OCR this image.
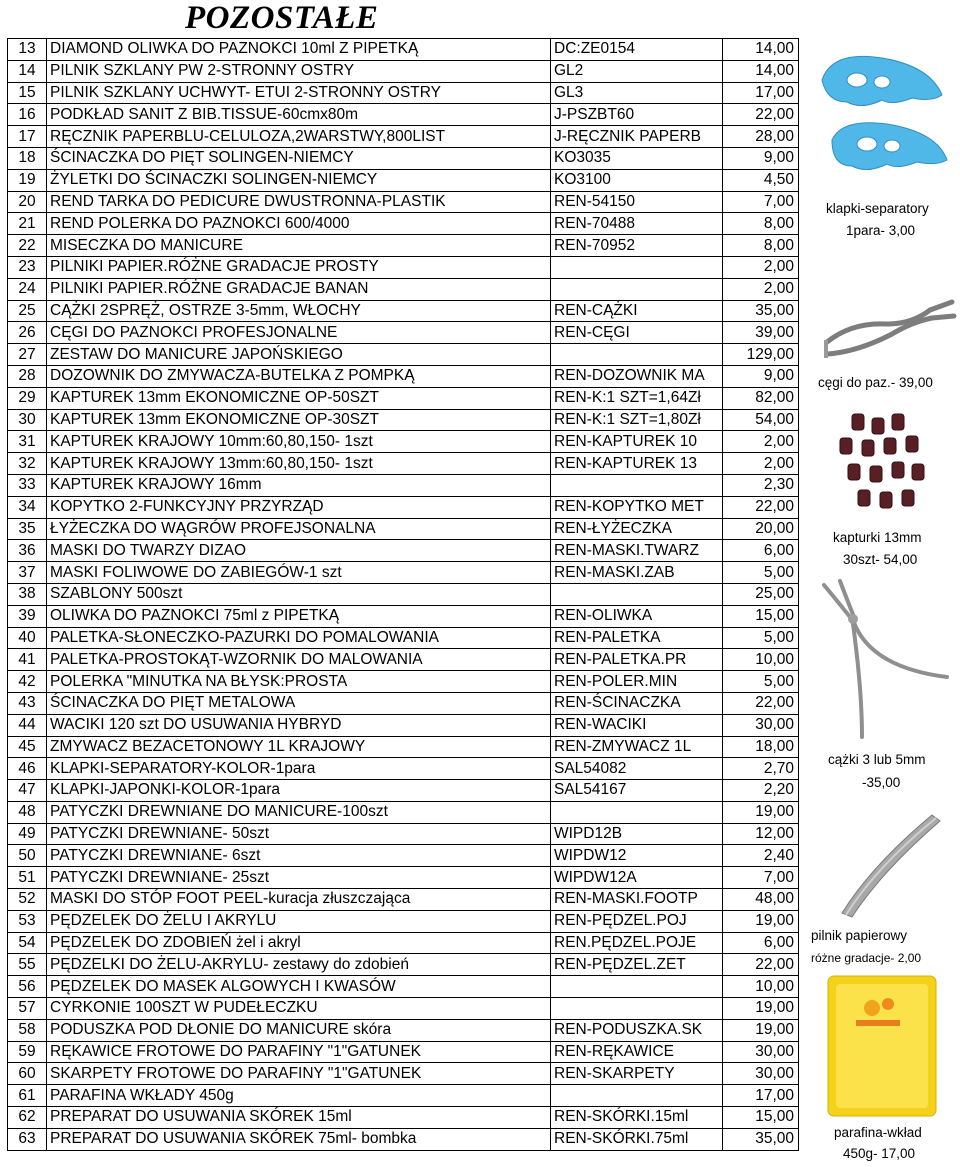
POZOSTAŁE
13	DIAMOND OLIWKA DO PAZNOKCI 10ml Z PIPETKĄ	DC:ZE0154	14,00
14	PILNIK SZKLANY PW 2-STRONNY OSTRY	GL2	14,00
15	PILNIK SZKLANY UCHWYT- ETUI 2-STRONNY OSTRY	GL3	17,00
16	PODKŁAD SANIT Z BIB.TISSUE-60cmx80m	J-PSZBT60	22,00
17	RĘCZNIK PAPERBLU-CELULOZA,2WARSTWY,800LIST	J-RĘCZNIK PAPERB	28,00
18	ŚCINACZKA DO PIĘT SOLINGEN-NIEMCY	KO3035	9,00
19	ŻYLETKI DO ŚCINACZKI SOLINGEN-NIEMCY	KO3100	4,50
20	REND TARKA DO PEDICURE DWUSTRONNA-PLASTIK	REN-54150	7,00
21	REND POLERKA DO PAZNOKCI 600/4000	REN-70488	8,00
22	MISECZKA DO MANICURE	REN-70952	8,00
23	PILNIKI PAPIER.RÓŻNE GRADACJE PROSTY		2,00
24	PILNIKI PAPIER.RÓŻNE GRADACJE BANAN		2,00
25	CĄŻKI 2SPRĘŻ, OSTRZE 3-5mm, WŁOCHY	REN-CĄŻKI	35,00
26	CĘGI DO PAZNOKCI PROFESJONALNE	REN-CĘGI	39,00
27	ZESTAW DO MANICURE JAPOŃSKIEGO		129,00
28	DOZOWNIK DO ZMYWACZA-BUTELKA Z POMPKĄ	REN-DOZOWNIK MA	9,00
29	KAPTUREK 13mm EKONOMICZNE OP-50SZT	REN-K:1 SZT=1,64Zł	82,00
30	KAPTUREK 13mm EKONOMICZNE OP-30SZT	REN-K:1 SZT=1,80Zł	54,00
31	KAPTUREK KRAJOWY 10mm:60,80,150- 1szt	REN-KAPTUREK 10	2,00
32	KAPTUREK KRAJOWY 13mm:60,80,150- 1szt	REN-KAPTUREK 13	2,00
33	KAPTUREK KRAJOWY 16mm		2,30
34	KOPYTKO 2-FUNKCYJNY PRZYRZĄD	REN-KOPYTKO MET	22,00
35	ŁYŻECZKA DO WĄGRÓW PROFEJSONALNA	REN-ŁYŻECZKA	20,00
36	MASKI DO TWARZY DIZAO	REN-MASKI.TWARZ	6,00
37	MASKI FOLIWOWE DO ZABIEGÓW-1 szt	REN-MASKI.ZAB	5,00
38	SZABLONY 500szt		25,00
39	OLIWKA DO PAZNOKCI 75ml z PIPETKĄ	REN-OLIWKA	15,00
40	PALETKA-SŁONECZKO-PAZURKI DO POMALOWANIA	REN-PALETKA	5,00
41	PALETKA-PROSTOKĄT-WZORNIK DO MALOWANIA	REN-PALETKA.PR	10,00
42	POLERKA "MINUTKA NA BŁYSK:PROSTA	REN-POLER.MIN	5,00
43	ŚCINACZKA DO PIĘT METALOWA	REN-ŚCINACZKA	22,00
44	WACIKI 120 szt DO USUWANIA HYBRYD	REN-WACIKI	30,00
45	ZMYWACZ BEZACETONOWY 1L KRAJOWY	REN-ZMYWACZ 1L	18,00
46	KLAPKI-SEPARATORY-KOLOR-1para	SAL54082	2,70
47	KLAPKI-JAPONKI-KOLOR-1para	SAL54167	2,20
48	PATYCZKI DREWNIANE DO MANICURE-100szt		19,00
49	PATYCZKI DREWNIANE- 50szt	WIPD12B	12,00
50	PATYCZKI DREWNIANE- 6szt	WIPDW12	2,40
51	PATYCZKI DREWNIANE- 25szt	WIPDW12A	7,00
52	MASKI DO STÓP FOOT PEEL-kuracja złuszczająca	REN-MASKI.FOOTP	48,00
53	PĘDZELEK DO ŻELU I AKRYLU	REN-PĘDZEL.POJ	19,00
54	PĘDZELEK DO ZDOBIEŃ żel i akryl	REN.PĘDZEL.POJE	6,00
55	PĘDZELKI DO ŻELU-AKRYLU- zestawy do zdobień	REN-PĘDZEL.ZET	22,00
56	PĘDZELEK DO MASEK ALGOWYCH I KWASÓW		10,00
57	CYRKONIE 100SZT W PUDEŁECZKU		19,00
58	PODUSZKA POD DŁONIE DO MANICURE skóra	REN-PODUSZKA.SK	19,00
59	RĘKAWICE FROTOWE DO PARAFINY "1"GATUNEK	REN-RĘKAWICE	30,00
60	SKARPETY FROTOWE DO PARAFINY "1"GATUNEK	REN-SKARPETY	30,00
61	PARAFINA WKŁADY 450g		17,00
62	PREPARAT DO USUWANIA SKÓREK 15ml	REN-SKÓRKI.15ml	15,00
63	PREPARAT DO USUWANIA SKÓREK 75ml- bombka	REN-SKÓRKI.75ml	35,00
klapki-separatory
1para- 3,00
cęgi do paz.- 39,00
kapturki 13mm
30szt- 54,00
cążki 3 lub 5mm
-35,00
pilnik papierowy
różne gradacje- 2,00
parafina-wkład
450g- 17,00
